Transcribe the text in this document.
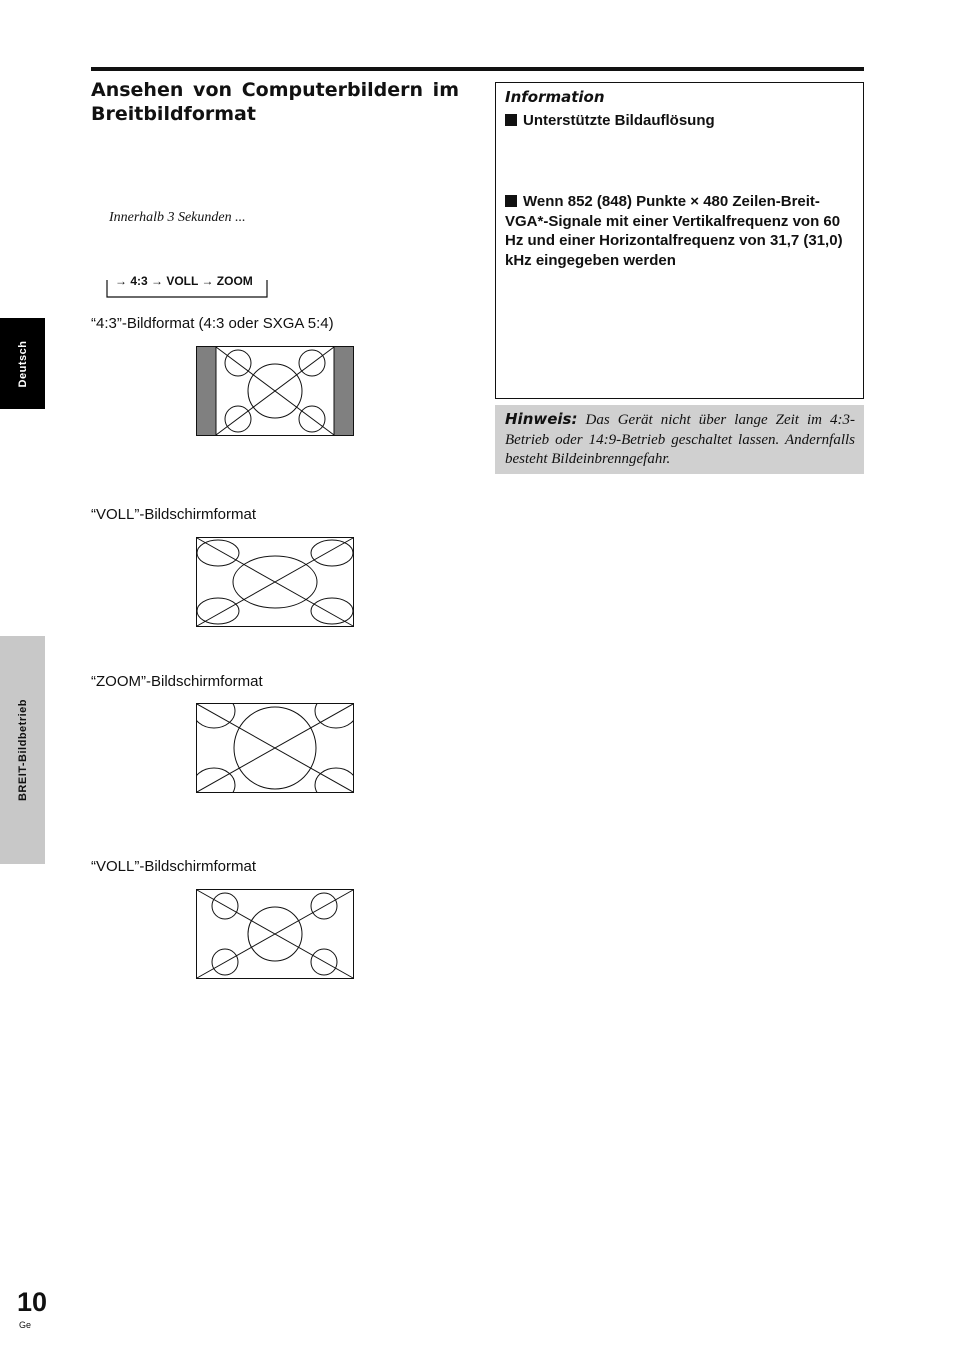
Ansehen von Computerbildern im
Breitbildformat
Innerhalb 3 Sekunden ...
→ 4:3 → VOLL → ZOOM
“4:3”-Bildformat (4:3 oder SXGA 5:4)
“VOLL”-Bildschirmformat
“ZOOM”-Bildschirmformat
“VOLL”-Bildschirmformat
Deutsch
BREIT-Bildbetrieb
Information
Unterstützte Bildauflösung
Wenn 852 (848) Punkte × 480 Zeilen-Breit-VGA*-Signale mit einer Vertikalfrequenz von 60 Hz und einer Horizontalfrequenz von 31,7 (31,0) kHz eingegeben werden
Hinweis: Das Gerät nicht über lange Zeit im 4:3-Betrieb oder 14:9-Betrieb geschaltet lassen. Andernfalls besteht Bildeinbrenngefahr.
10
Ge
